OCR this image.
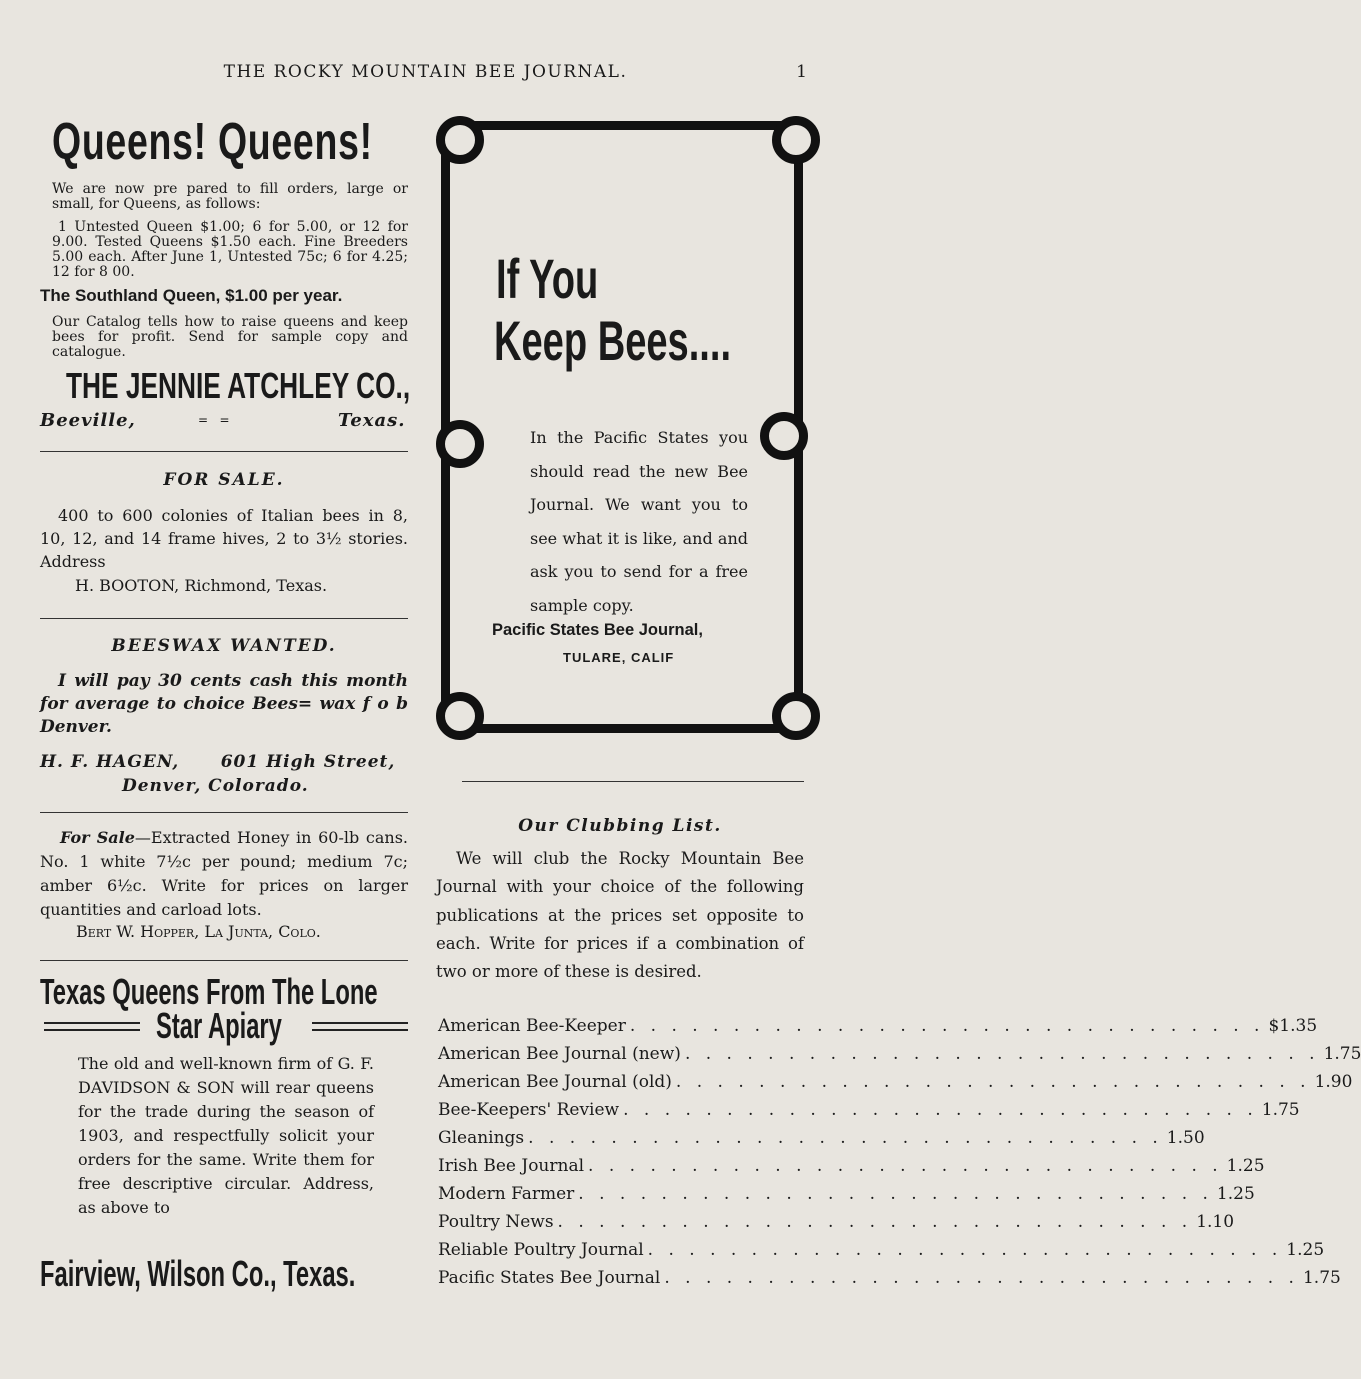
THE ROCKY MOUNTAIN BEE JOURNAL.	1
Queens! Queens!
We are now pre pared to fill orders, large or small, for Queens, as follows:
1 Untested Queen $1.00; 6 for 5.00, or 12 for 9.00. Tested Queens $1.50 each. Fine Breeders 5.00 each. After June 1, Untested 75c; 6 for 4.25; 12 for 8 00.
The Southland Queen, $1.00 per year.
Our Catalog tells how to raise queens and keep bees for profit. Send for sample copy and catalogue.
THE JENNIE ATCHLEY CO.,
Beeville,	=   =	Texas.
FOR SALE.
400 to 600 colonies of Italian bees in 8, 10, 12, and 14 frame hives, 2 to 3½ stories. Address
H. BOOTON, Richmond, Texas.
BEESWAX WANTED.
I will pay 30 cents cash this month for average to choice Bees= wax f o b Denver.
H. F. HAGEN,      601 High Street,
Denver, Colorado.
For Sale—Extracted Honey in 60-lb cans. No. 1 white 7½c per pound; medium 7c; amber 6½c. Write for prices on larger quantities and carload lots.
Bert W. Hopper, La Junta, Colo.
Texas Queens From The Lone
Star Apiary
The old and well-known firm of G. F. DAVIDSON & SON will rear queens for the trade during the season of 1903, and respectfully solicit your orders for the same. Write them for free descriptive circular. Address, as above to
Fairview, Wilson Co., Texas.
If You
Keep Bees....
In the Pacific States you should read the new Bee Journal. We want you to see what it is like, and and ask you to send for a free sample copy.
Pacific States Bee Journal,
TULARE, CALIF
Our Clubbing List.
We will club the Rocky Mountain Bee Journal with your choice of the following publications at the prices set opposite to each. Write for prices if a combination of two or more of these is desired.
American Bee-Keeper . . . . . . . . . . . . . . . . . . . . . . . . . . . . . . . $1.35
American Bee Journal (new) . . . . . . . . . . . . . . . . . . . . . . . . . . . . . . . 1.75
American Bee Journal (old) . . . . . . . . . . . . . . . . . . . . . . . . . . . . . . . 1.90
Bee-Keepers' Review . . . . . . . . . . . . . . . . . . . . . . . . . . . . . . . 1.75
Gleanings . . . . . . . . . . . . . . . . . . . . . . . . . . . . . . . 1.50
Irish Bee Journal . . . . . . . . . . . . . . . . . . . . . . . . . . . . . . . 1.25
Modern Farmer . . . . . . . . . . . . . . . . . . . . . . . . . . . . . . . 1.25
Poultry News . . . . . . . . . . . . . . . . . . . . . . . . . . . . . . . 1.10
Reliable Poultry Journal . . . . . . . . . . . . . . . . . . . . . . . . . . . . . . . 1.25
Pacific States Bee Journal . . . . . . . . . . . . . . . . . . . . . . . . . . . . . . . 1.75
